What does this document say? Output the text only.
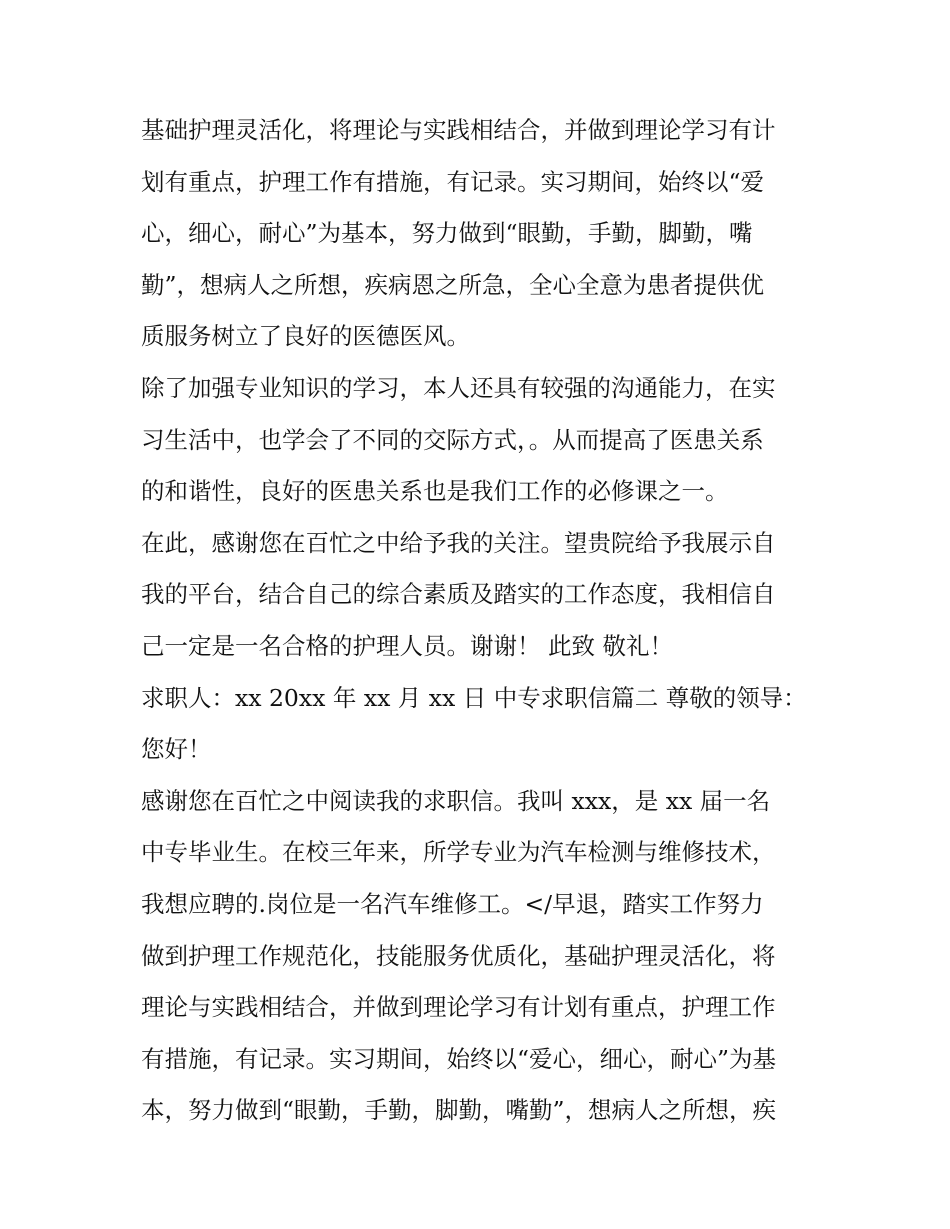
基础护理灵活化，将理论与实践相结合，并做到理论学习有计
划有重点，护理工作有措施，有记录。实习期间，始终以“爱
心，细心，耐心”为基本，努力做到“眼勤，手勤，脚勤，嘴
勤”，想病人之所想，疾病恩之所急，全心全意为患者提供优
质服务树立了良好的医德医风。
除了加强专业知识的学习，本人还具有较强的沟通能力，在实
习生活中，也学会了不同的交际方式，。从而提高了医患关系
的和谐性，良好的医患关系也是我们工作的必修课之一。
在此，感谢您在百忙之中给予我的关注。望贵院给予我展示自
我的平台，结合自己的综合素质及踏实的工作态度，我相信自
己一定是一名合格的护理人员。谢谢！ 此致 敬礼！
求职人：xx 20xx 年 xx 月 xx 日 中专求职信篇二 尊敬的领导：
您好！
感谢您在百忙之中阅读我的求职信。我叫 xxx，是 xx 届一名
中专毕业生。在校三年来，所学专业为汽车检测与维修技术，
我想应聘的.岗位是一名汽车维修工。</早退，踏实工作努力
做到护理工作规范化，技能服务优质化，基础护理灵活化，将
理论与实践相结合，并做到理论学习有计划有重点，护理工作
有措施，有记录。实习期间，始终以“爱心，细心，耐心”为基
本，努力做到“眼勤，手勤，脚勤，嘴勤”，想病人之所想，疾
